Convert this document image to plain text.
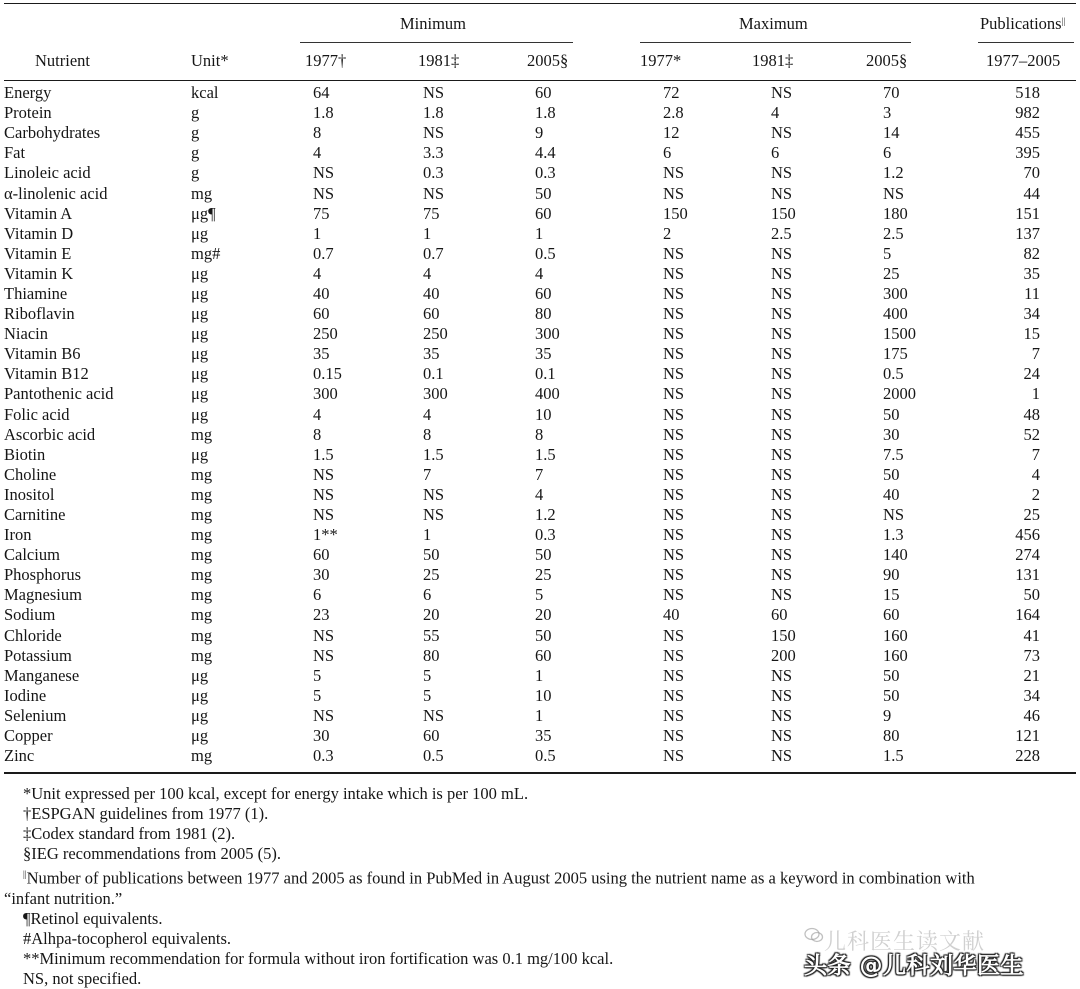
Minimum	Maximum	Publications||
Nutrient	Unit*	1977†	1981‡	2005§	1977*	1981‡	2005§	1977–2005
Energy	kcal	64	NS	60	72	NS	70	518
Protein	g	1.8	1.8	1.8	2.8	4	3	982
Carbohydrates	g	8	NS	9	12	NS	14	455
Fat	g	4	3.3	4.4	6	6	6	395
Linoleic acid	g	NS	0.3	0.3	NS	NS	1.2	70
α-linolenic acid	mg	NS	NS	50	NS	NS	NS	44
Vitamin A	μg¶	75	75	60	150	150	180	151
Vitamin D	μg	1	1	1	2	2.5	2.5	137
Vitamin E	mg#	0.7	0.7	0.5	NS	NS	5	82
Vitamin K	μg	4	4	4	NS	NS	25	35
Thiamine	μg	40	40	60	NS	NS	300	11
Riboflavin	μg	60	60	80	NS	NS	400	34
Niacin	μg	250	250	300	NS	NS	1500	15
Vitamin B6	μg	35	35	35	NS	NS	175	7
Vitamin B12	μg	0.15	0.1	0.1	NS	NS	0.5	24
Pantothenic acid	μg	300	300	400	NS	NS	2000	1
Folic acid	μg	4	4	10	NS	NS	50	48
Ascorbic acid	mg	8	8	8	NS	NS	30	52
Biotin	μg	1.5	1.5	1.5	NS	NS	7.5	7
Choline	mg	NS	7	7	NS	NS	50	4
Inositol	mg	NS	NS	4	NS	NS	40	2
Carnitine	mg	NS	NS	1.2	NS	NS	NS	25
Iron	mg	1**	1	0.3	NS	NS	1.3	456
Calcium	mg	60	50	50	NS	NS	140	274
Phosphorus	mg	30	25	25	NS	NS	90	131
Magnesium	mg	6	6	5	NS	NS	15	50
Sodium	mg	23	20	20	40	60	60	164
Chloride	mg	NS	55	50	NS	150	160	41
Potassium	mg	NS	80	60	NS	200	160	73
Manganese	μg	5	5	1	NS	NS	50	21
Iodine	μg	5	5	10	NS	NS	50	34
Selenium	μg	NS	NS	1	NS	NS	9	46
Copper	μg	30	60	35	NS	NS	80	121
Zinc	mg	0.3	0.5	0.5	NS	NS	1.5	228
*Unit expressed per 100 kcal, except for energy intake which is per 100 mL.
†ESPGAN guidelines from 1977 (1).
‡Codex standard from 1981 (2).
§IEG recommendations from 2005 (5).
||Number of publications between 1977 and 2005 as found in PubMed in August 2005 using the nutrient name as a keyword in combination with
“infant nutrition.”
¶Retinol equivalents.
#Alhpa-tocopherol equivalents.
**Minimum recommendation for formula without iron fortification was 0.1 mg/100 kcal.
NS, not specified.
儿科医生读文献
头条 @儿科刘华医生
